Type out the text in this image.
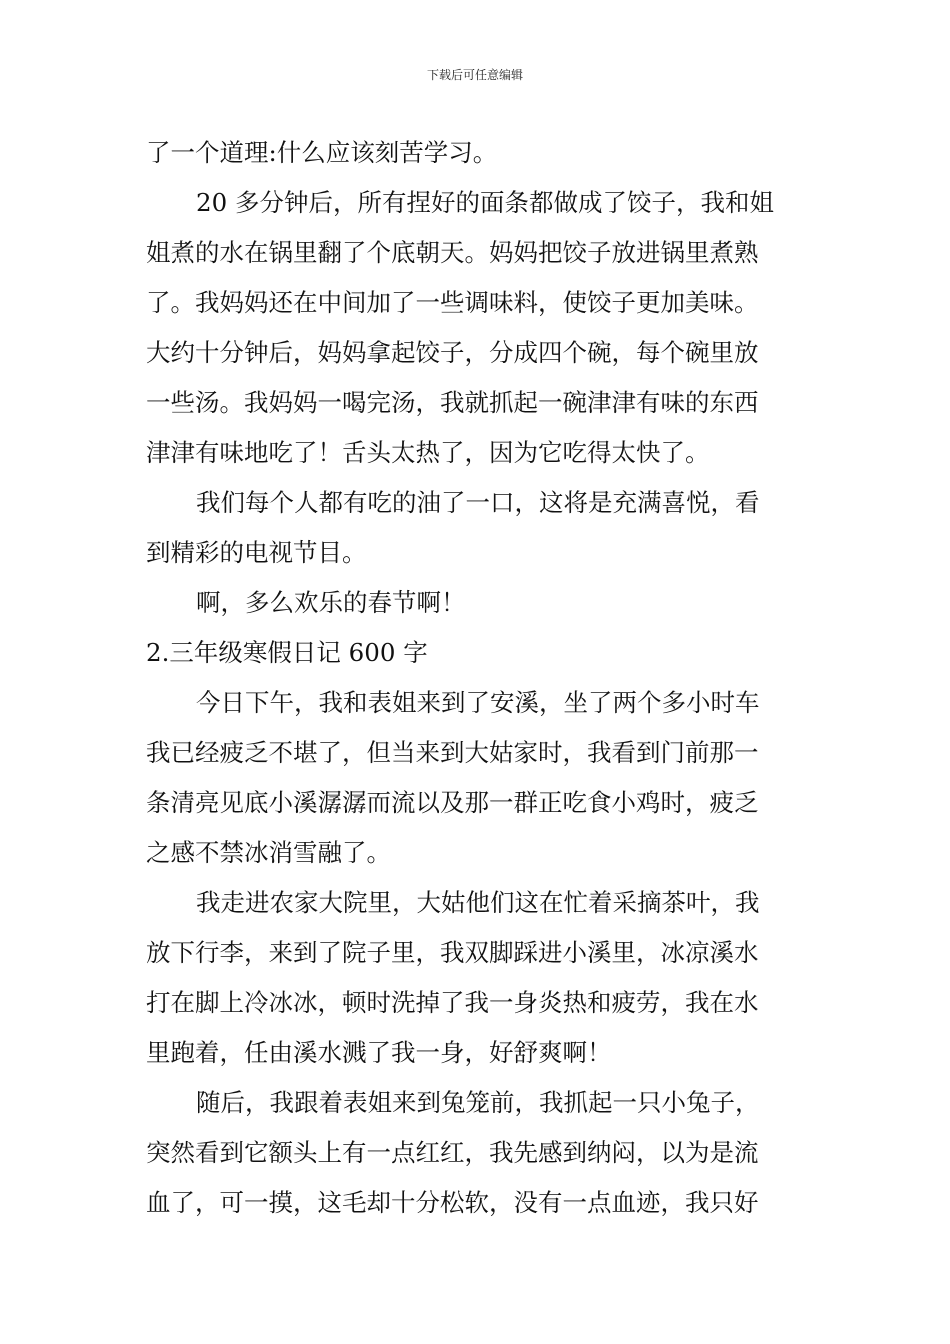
下载后可任意编辑
了一个道理:什么应该刻苦学习。
20 多分钟后，所有捏好的面条都做成了饺子，我和姐
姐煮的水在锅里翻了个底朝天。妈妈把饺子放进锅里煮熟
了。我妈妈还在中间加了一些调味料，使饺子更加美味。
大约十分钟后，妈妈拿起饺子，分成四个碗，每个碗里放
一些汤。我妈妈一喝完汤，我就抓起一碗津津有味的东西
津津有味地吃了！舌头太热了，因为它吃得太快了。
我们每个人都有吃的油了一口，这将是充满喜悦，看
到精彩的电视节目。
啊，多么欢乐的春节啊！
2.三年级寒假日记 600 字
今日下午，我和表姐来到了安溪，坐了两个多小时车
我已经疲乏不堪了，但当来到大姑家时，我看到门前那一
条清亮见底小溪潺潺而流以及那一群正吃食小鸡时，疲乏
之感不禁冰消雪融了。
我走进农家大院里，大姑他们这在忙着采摘茶叶，我
放下行李，来到了院子里，我双脚踩进小溪里，冰凉溪水
打在脚上冷冰冰，顿时洗掉了我一身炎热和疲劳，我在水
里跑着，任由溪水溅了我一身，好舒爽啊！
随后，我跟着表姐来到兔笼前，我抓起一只小兔子，
突然看到它额头上有一点红红，我先感到纳闷，以为是流
血了，可一摸，这毛却十分松软，没有一点血迹，我只好
